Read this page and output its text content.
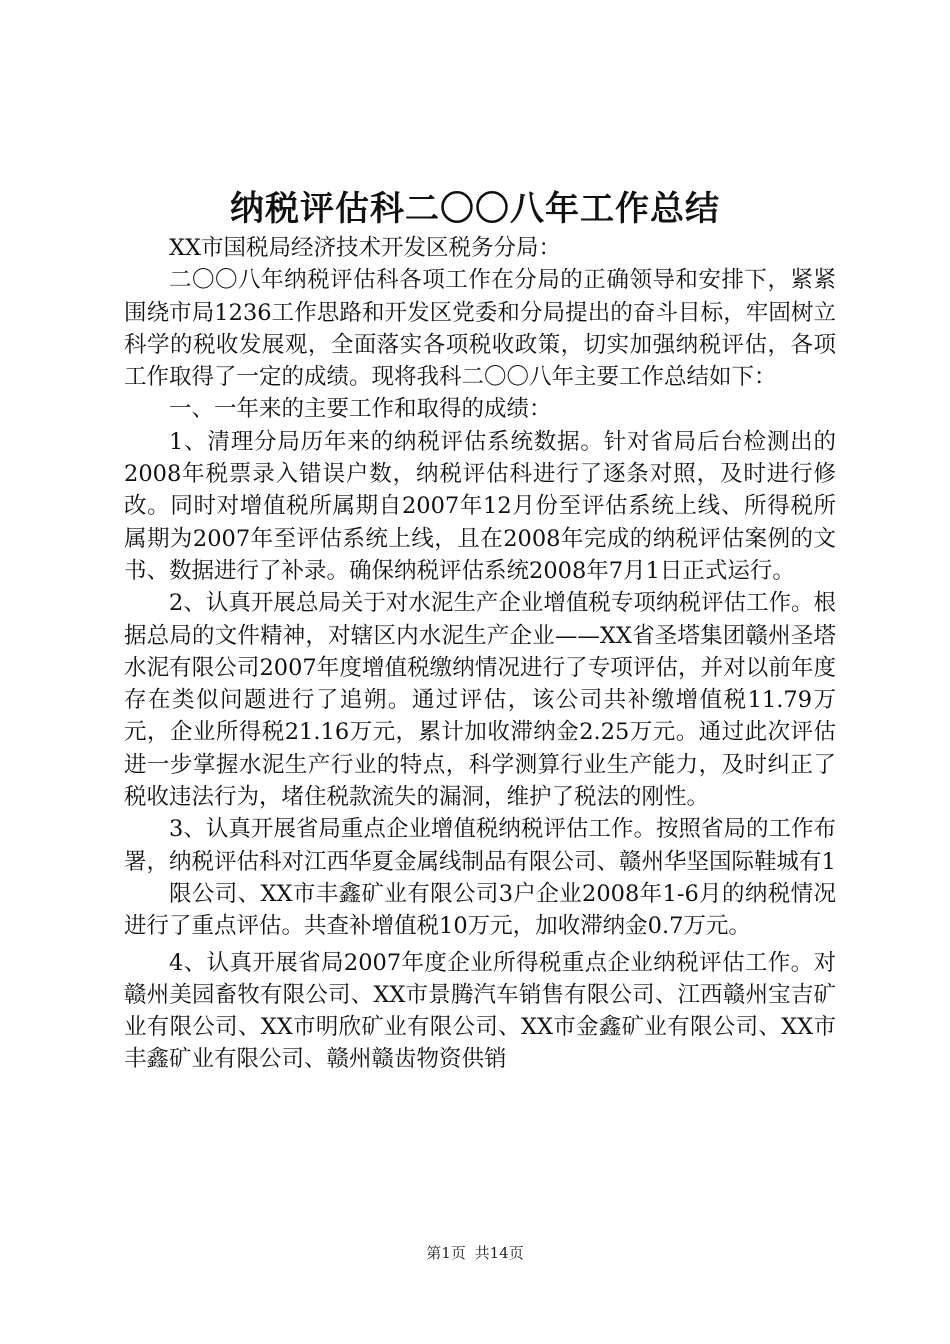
纳税评估科二〇〇八年工作总结

XX市国税局经济技术开发区税务分局：

二〇〇八年纳税评估科各项工作在分局的正确领导和安排下，紧紧围绕市局1236工作思路和开发区党委和分局提出的奋斗目标，牢固树立科学的税收发展观，全面落实各项税收政策，切实加强纳税评估，各项工作取得了一定的成绩。现将我科二〇〇八年主要工作总结如下：

一、一年来的主要工作和取得的成绩：

1、清理分局历年来的纳税评估系统数据。针对省局后台检测出的2008年税票录入错误户数，纳税评估科进行了逐条对照，及时进行修改。同时对增值税所属期自2007年12月份至评估系统上线、所得税所属期为2007年至评估系统上线，且在2008年完成的纳税评估案例的文书、数据进行了补录。确保纳税评估系统2008年7月1日正式运行。

2、认真开展总局关于对水泥生产企业增值税专项纳税评估工作。根据总局的文件精神，对辖区内水泥生产企业——XX省圣塔集团赣州圣塔水泥有限公司2007年度增值税缴纳情况进行了专项评估，并对以前年度存在类似问题进行了追朔。通过评估，该公司共补缴增值税11.79万元，企业所得税21.16万元，累计加收滞纳金2.25万元。通过此次评估进一步掌握水泥生产行业的特点，科学测算行业生产能力，及时纠正了税收违法行为，堵住税款流失的漏洞，维护了税法的刚性。

3、认真开展省局重点企业增值税纳税评估工作。按照省局的工作布署，纳税评估科对江西华夏金属线制品有限公司、赣州华坚国际鞋城有1

限公司、XX市丰鑫矿业有限公司3户企业2008年1-6月的纳税情况进行了重点评估。共查补增值税10万元，加收滞纳金0.7万元。

4、认真开展省局2007年度企业所得税重点企业纳税评估工作。对赣州美园畜牧有限公司、XX市景腾汽车销售有限公司、江西赣州宝吉矿业有限公司、XX市明欣矿业有限公司、XX市金鑫矿业有限公司、XX市丰鑫矿业有限公司、赣州赣齿物资供销

第1页 共14页
